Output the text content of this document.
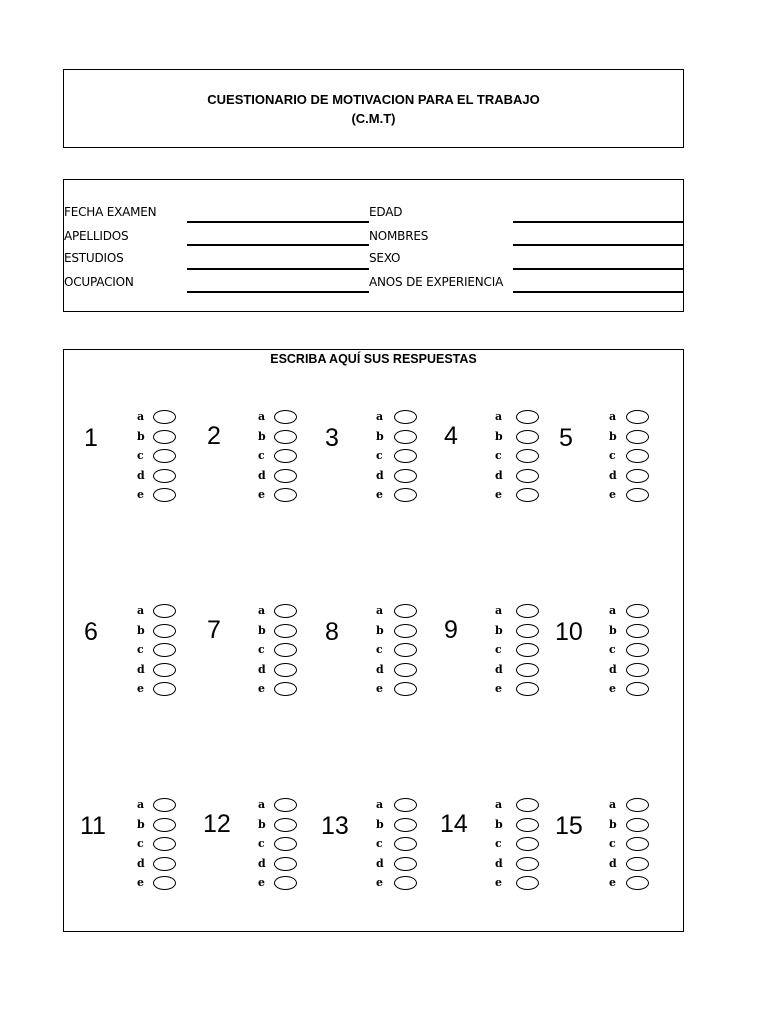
CUESTIONARIO DE MOTIVACION PARA EL TRABAJO
(C.M.T)
FECHA EXAMEN
APELLIDOS
ESTUDIOS
OCUPACION
EDAD
NOMBRES
SEXO
ANOS DE EXPERIENCIA
ESCRIBA AQUÍ SUS RESPUESTAS
1
a
b
c
d
e
2
a
b
c
d
e
3
a
b
c
d
e
4
a
b
c
d
e
5
a
b
c
d
e
6
a
b
c
d
e
7
a
b
c
d
e
8
a
b
c
d
e
9
a
b
c
d
e
10
a
b
c
d
e
11
a
b
c
d
e
12
a
b
c
d
e
13
a
b
c
d
e
14
a
b
c
d
e
15
a
b
c
d
e
